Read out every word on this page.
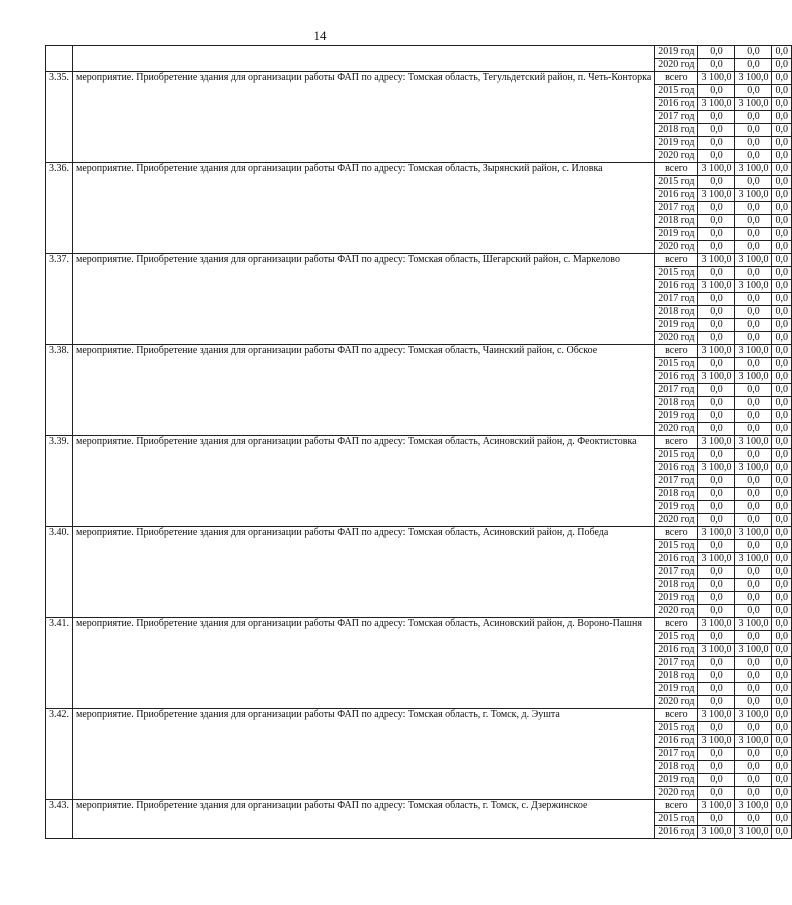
14
		2019 год	0,0	0,0	0,0
		2020 год	0,0	0,0	0,0
3.35.	мероприятие. Приобретение здания для организации работы ФАП по адресу: Томская область, Тегульдетский район, п. Четь-Конторка	всего	3 100,0	3 100,0	0,0
		2015 год	0,0	0,0	0,0
		2016 год	3 100,0	3 100,0	0,0
		2017 год	0,0	0,0	0,0
		2018 год	0,0	0,0	0,0
		2019 год	0,0	0,0	0,0
		2020 год	0,0	0,0	0,0
3.36.	мероприятие. Приобретение здания для организации работы ФАП по адресу: Томская область, Зырянский район, с. Иловка	всего	3 100,0	3 100,0	0,0
		2015 год	0,0	0,0	0,0
		2016 год	3 100,0	3 100,0	0,0
		2017 год	0,0	0,0	0,0
		2018 год	0,0	0,0	0,0
		2019 год	0,0	0,0	0,0
		2020 год	0,0	0,0	0,0
3.37.	мероприятие. Приобретение здания для организации работы ФАП по адресу: Томская область, Шегарский район, с. Маркелово	всего	3 100,0	3 100,0	0,0
		2015 год	0,0	0,0	0,0
		2016 год	3 100,0	3 100,0	0,0
		2017 год	0,0	0,0	0,0
		2018 год	0,0	0,0	0,0
		2019 год	0,0	0,0	0,0
		2020 год	0,0	0,0	0,0
3.38.	мероприятие. Приобретение здания для организации работы ФАП по адресу: Томская область, Чаинский район, с. Обское	всего	3 100,0	3 100,0	0,0
		2015 год	0,0	0,0	0,0
		2016 год	3 100,0	3 100,0	0,0
		2017 год	0,0	0,0	0,0
		2018 год	0,0	0,0	0,0
		2019 год	0,0	0,0	0,0
		2020 год	0,0	0,0	0,0
3.39.	мероприятие. Приобретение здания для организации работы ФАП по адресу: Томская область, Асиновский район, д. Феоктистовка	всего	3 100,0	3 100,0	0,0
		2015 год	0,0	0,0	0,0
		2016 год	3 100,0	3 100,0	0,0
		2017 год	0,0	0,0	0,0
		2018 год	0,0	0,0	0,0
		2019 год	0,0	0,0	0,0
		2020 год	0,0	0,0	0,0
3.40.	мероприятие. Приобретение здания для организации работы ФАП по адресу: Томская область, Асиновский район, д. Победа	всего	3 100,0	3 100,0	0,0
		2015 год	0,0	0,0	0,0
		2016 год	3 100,0	3 100,0	0,0
		2017 год	0,0	0,0	0,0
		2018 год	0,0	0,0	0,0
		2019 год	0,0	0,0	0,0
		2020 год	0,0	0,0	0,0
3.41.	мероприятие. Приобретение здания для организации работы ФАП по адресу: Томская область, Асиновский район, д. Вороно-Пашня	всего	3 100,0	3 100,0	0,0
		2015 год	0,0	0,0	0,0
		2016 год	3 100,0	3 100,0	0,0
		2017 год	0,0	0,0	0,0
		2018 год	0,0	0,0	0,0
		2019 год	0,0	0,0	0,0
		2020 год	0,0	0,0	0,0
3.42.	мероприятие. Приобретение здания для организации работы ФАП по адресу: Томская область, г. Томск, д. Эушта	всего	3 100,0	3 100,0	0,0
		2015 год	0,0	0,0	0,0
		2016 год	3 100,0	3 100,0	0,0
		2017 год	0,0	0,0	0,0
		2018 год	0,0	0,0	0,0
		2019 год	0,0	0,0	0,0
		2020 год	0,0	0,0	0,0
3.43.	мероприятие. Приобретение здания для организации работы ФАП по адресу: Томская область, г. Томск, с. Дзержинское	всего	3 100,0	3 100,0	0,0
		2015 год	0,0	0,0	0,0
		2016 год	3 100,0	3 100,0	0,0
